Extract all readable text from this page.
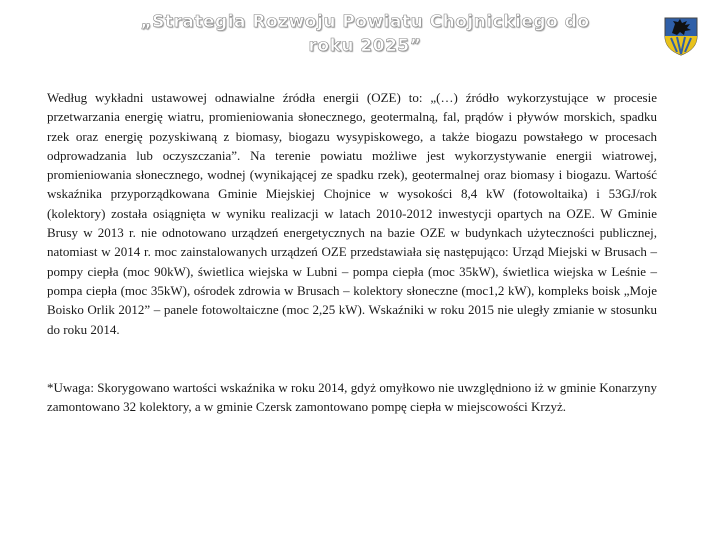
„Strategia Rozwoju Powiatu Chojnickiego do roku 2025”

Według wykładni ustawowej odnawialne źródła energii (OZE) to: „(…) źródło wykorzystujące w procesie przetwarzania energię wiatru, promieniowania słonecznego, geotermalną, fal, prądów i pływów morskich, spadku rzek oraz energię pozyskiwaną z biomasy, biogazu wysypiskowego, a także biogazu powstałego w procesach odprowadzania lub oczyszczania”. Na terenie powiatu możliwe jest wykorzystywanie energii wiatrowej, promieniowania słonecznego, wodnej (wynikającej ze spadku rzek), geotermalnej oraz biomasy i biogazu. Wartość wskaźnika przyporządkowana Gminie Miejskiej Chojnice w wysokości 8,4 kW (fotowoltaika) i 53GJ/rok (kolektory) została osiągnięta w wyniku realizacji w latach 2010-2012 inwestycji opartych na OZE. W Gminie Brusy w 2013 r. nie odnotowano urządzeń energetycznych na bazie OZE w budynkach użyteczności publicznej, natomiast w 2014 r. moc zainstalowanych urządzeń OZE przedstawiała się następująco: Urząd Miejski w Brusach – pompy ciepła (moc 90kW), świetlica wiejska w Lubni – pompa ciepła (moc 35kW), świetlica wiejska w Leśnie – pompa ciepła (moc 35kW), ośrodek zdrowia w Brusach – kolektory słoneczne (moc1,2 kW), kompleks boisk „Moje Boisko Orlik 2012” – panele fotowoltaiczne (moc 2,25 kW). Wskaźniki w roku 2015 nie uległy zmianie w stosunku do roku 2014.

*Uwaga: Skorygowano wartości wskaźnika w roku 2014, gdyż omyłkowo nie uwzględniono iż w gminie Konarzyny zamontowano 32 kolektory, a w gminie Czersk zamontowano pompę ciepła w miejscowości Krzyż.
